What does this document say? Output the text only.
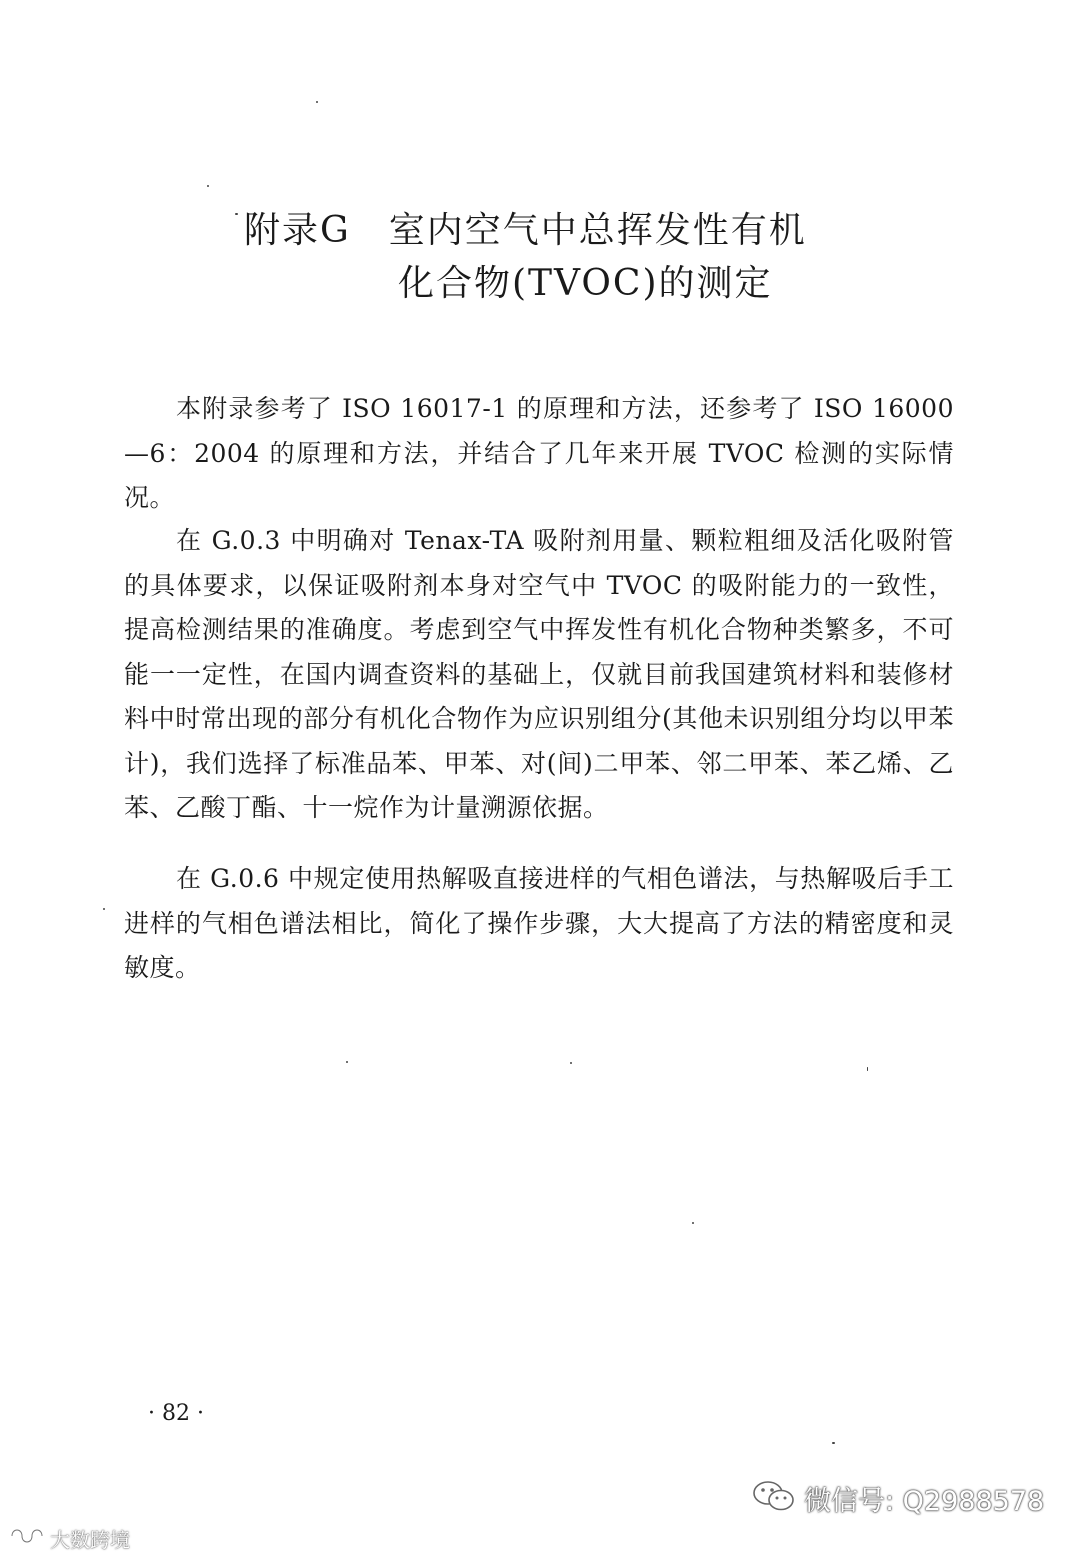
附录G　室内空气中总挥发性有机
化合物(TVOC)的测定

本附录参考了 ISO 16017-1 的原理和方法，还参考了 ISO 16000—6：2004 的原理和方法，并结合了几年来开展 TVOC 检测的实际情况。

在 G.0.3 中明确对 Tenax-TA 吸附剂用量、颗粒粗细及活化吸附管的具体要求，以保证吸附剂本身对空气中 TVOC 的吸附能力的一致性，提高检测结果的准确度。考虑到空气中挥发性有机化合物种类繁多，不可能一一定性，在国内调查资料的基础上，仅就目前我国建筑材料和装修材料中时常出现的部分有机化合物作为应识别组分(其他未识别组分均以甲苯计)，我们选择了标准品苯、甲苯、对(间)二甲苯、邻二甲苯、苯乙烯、乙苯、乙酸丁酯、十一烷作为计量溯源依据。

在 G.0.6 中规定使用热解吸直接进样的气相色谱法，与热解吸后手工进样的气相色谱法相比，简化了操作步骤，大大提高了方法的精密度和灵敏度。

· 82 ·
微信号: Q2988578
大数跨境
